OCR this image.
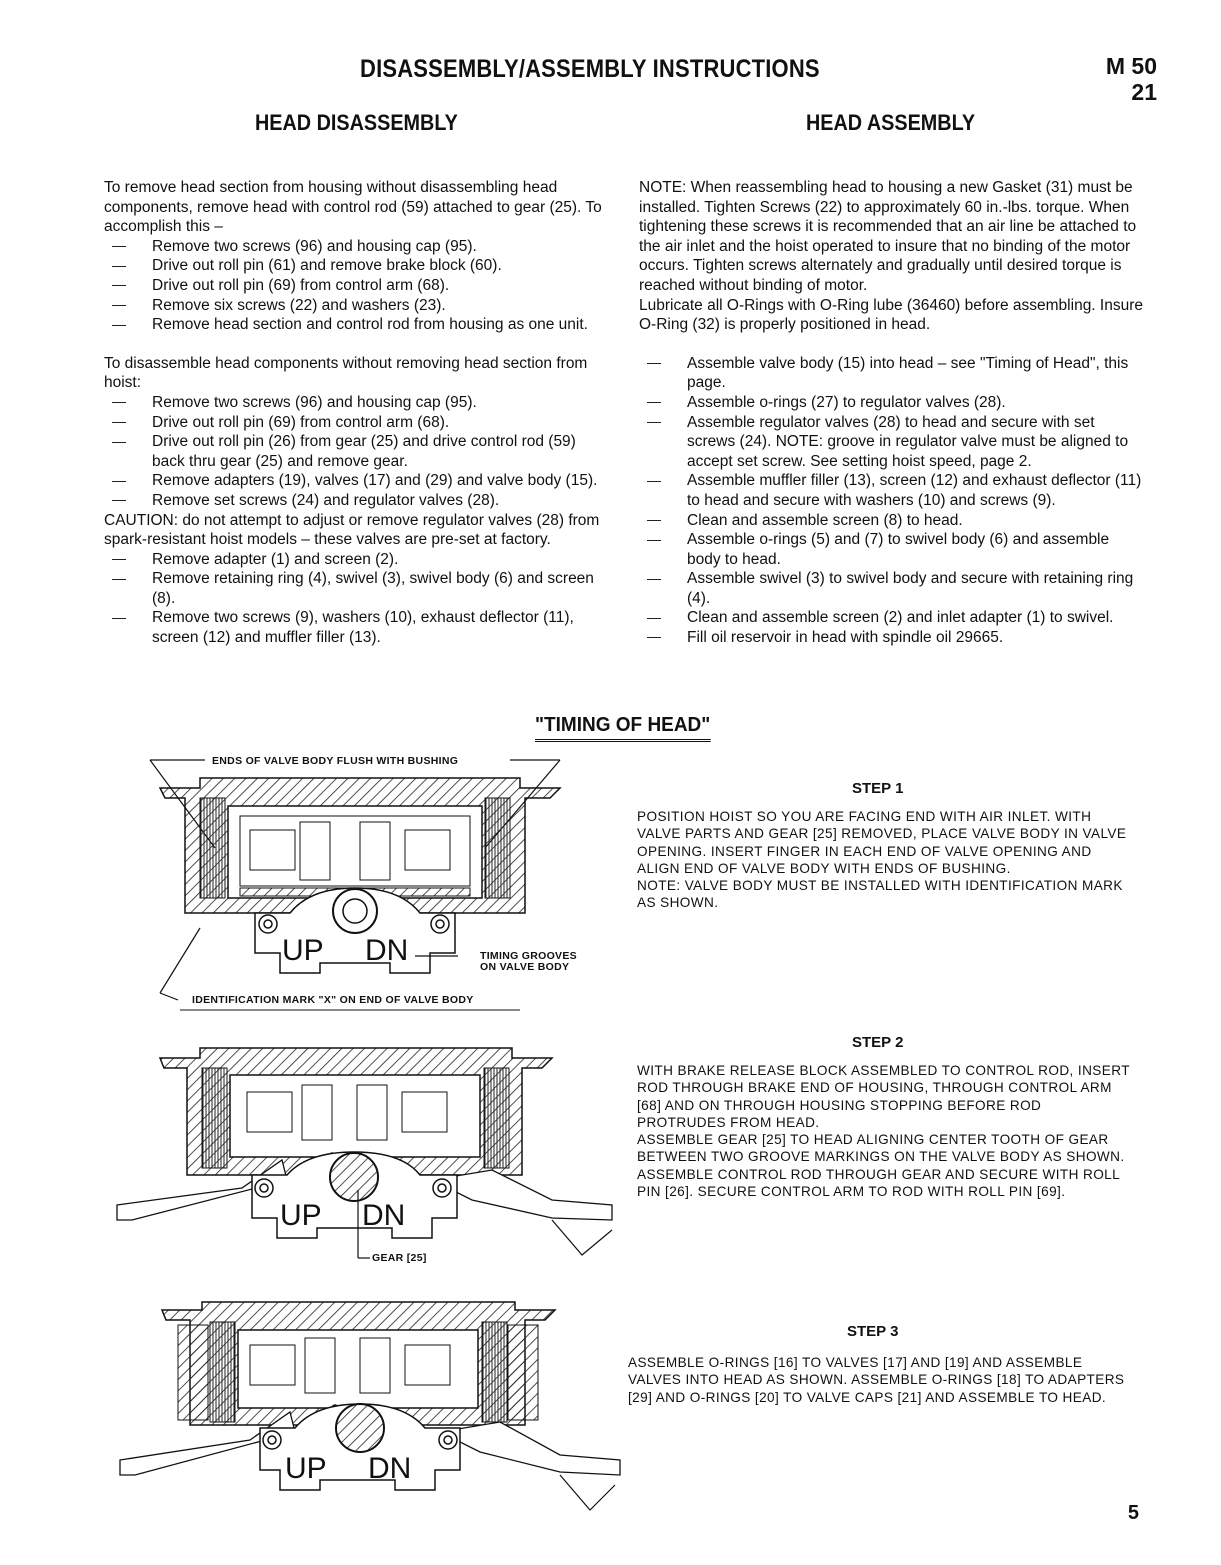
DISASSEMBLY/ASSEMBLY INSTRUCTIONS	M 50
21
HEAD DISASSEMBLY	HEAD ASSEMBLY

To remove head section from housing without disassembling head components, remove head with control rod (59) attached to gear (25). To accomplish this –

Remove two screws (96) and housing cap (95).
Drive out roll pin (61) and remove brake block (60).
Drive out roll pin (69) from control arm (68).
Remove six screws (22) and washers (23).
Remove head section and control rod from housing as one unit.

To disassemble head components without removing head section from hoist:

Remove two screws (96) and housing cap (95).
Drive out roll pin (69) from control arm (68).
Drive out roll pin (26) from gear (25) and drive control rod (59) back thru gear (25) and remove gear.
Remove adapters (19), valves (17) and (29) and valve body (15).
Remove set screws (24) and regulator valves (28).

CAUTION: do not attempt to adjust or remove regulator valves (28) from spark-resistant hoist models – these valves are pre-set at factory.

Remove adapter (1) and screen (2).
Remove retaining ring (4), swivel (3), swivel body (6) and screen (8).
Remove two screws (9), washers (10), exhaust deflector (11), screen (12) and muffler filler (13).

NOTE: When reassembling head to housing a new Gasket (31) must be installed. Tighten Screws (22) to approximately 60 in.-lbs. torque. When tightening these screws it is recommended that an air line be attached to the air inlet and the hoist operated to insure that no binding of the motor occurs. Tighten screws alternately and gradually until desired torque is reached without binding of motor.

Lubricate all O-Rings with O-Ring lube (36460) before assembling. Insure O-Ring (32) is properly positioned in head.

Assemble valve body (15) into head – see "Timing of Head", this page.
Assemble o-rings (27) to regulator valves (28).
Assemble regulator valves (28) to head and secure with set screws (24). NOTE: groove in regulator valve must be aligned to accept set screw. See setting hoist speed, page 2.
Assemble muffler filler (13), screen (12) and exhaust deflector (11) to head and secure with washers (10) and screws (9).
Clean and assemble screen (8) to head.
Assemble o-rings (5) and (7) to swivel body (6) and assemble body to head.
Assemble swivel (3) to swivel body and secure with retaining ring (4).
Clean and assemble screen (2) and inlet adapter (1) to swivel.
Fill oil reservoir in head with spindle oil 29665.
"TIMING OF HEAD"
UP DN
ENDS OF VALVE BODY FLUSH WITH BUSHING
TIMING GROOVES
ON VALVE BODY
IDENTIFICATION MARK "X" ON END OF VALVE BODY
STEP 1
POSITION HOIST SO YOU ARE FACING END WITH AIR INLET. WITH VALVE PARTS AND GEAR [25] REMOVED, PLACE VALVE BODY IN VALVE OPENING. INSERT FINGER IN EACH END OF VALVE OPENING AND ALIGN END OF VALVE BODY WITH ENDS OF BUSHING.
NOTE: VALVE BODY MUST BE INSTALLED WITH IDENTIFICATION MARK AS SHOWN.
UP DN
GEAR [25]
STEP 2
WITH BRAKE RELEASE BLOCK ASSEMBLED TO CONTROL ROD, INSERT ROD THROUGH BRAKE END OF HOUSING, THROUGH CONTROL ARM [68] AND ON THROUGH HOUSING STOPPING BEFORE ROD PROTRUDES FROM HEAD.
ASSEMBLE GEAR [25] TO HEAD ALIGNING CENTER TOOTH OF GEAR BETWEEN TWO GROOVE MARKINGS ON THE VALVE BODY AS SHOWN.
ASSEMBLE CONTROL ROD THROUGH GEAR AND SECURE WITH ROLL PIN [26]. SECURE CONTROL ARM TO ROD WITH ROLL PIN [69].
UP DN
STEP 3
ASSEMBLE O-RINGS [16] TO VALVES [17] AND [19] AND ASSEMBLE VALVES INTO HEAD AS SHOWN. ASSEMBLE O-RINGS [18] TO ADAPTERS [29] AND O-RINGS [20] TO VALVE CAPS [21] AND ASSEMBLE TO HEAD.
5
